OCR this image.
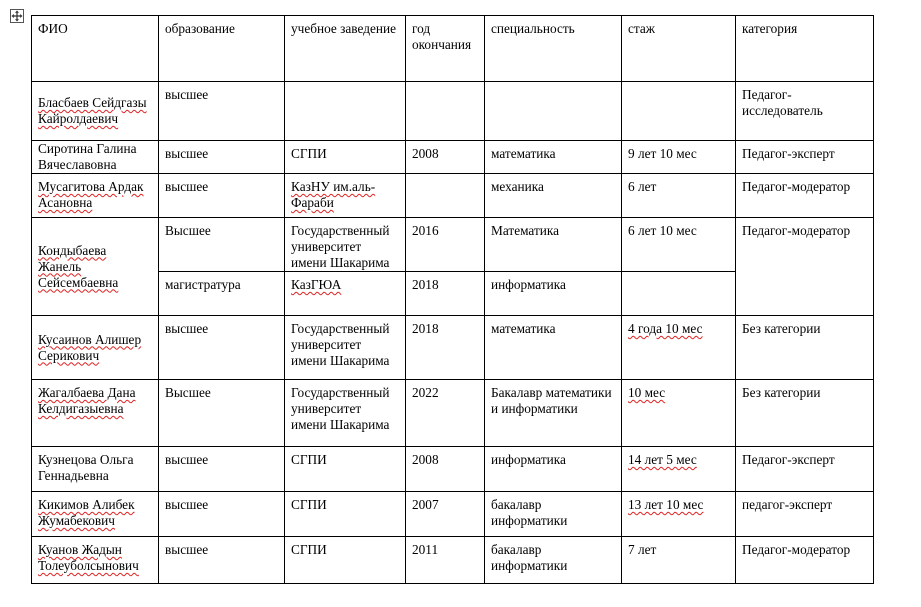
ФИО	образование	учебное заведение	год окончания	специальность	стаж	категория
Бласбаев Сейдгазы Кайролдаевич	высшее					Педагог-исследователь
Сиротина Галина Вячеславовна	высшее	СГПИ	2008	математика	9 лет 10 мес	Педагог-эксперт
Мусагитова Ардак Асановна	высшее	КазНУ им.аль-Фараби		механика	6 лет	Педагог-модератор
Кондыбаева Жанель Сейсембаевна	Высшее	Государственный университет имени Шакарима	2016	Математика	6 лет 10 мес	Педагог-модератор
	магистратура	КазГЮА	2018	информатика		
Кусаинов Алишер Серикович	высшее	Государственный университет имени Шакарима	2018	математика	4 года 10 мес	Без категории
Жагалбаева Дана Келдигазыевна	Высшее	Государственный университет имени Шакарима	2022	Бакалавр математики и информатики	10 мес	Без категории
Кузнецова Ольга Геннадьевна	высшее	СГПИ	2008	информатика	14 лет 5 мес	Педагог-эксперт
Кикимов Алибек Жумабекович	высшее	СГПИ	2007	бакалавр информатики	13 лет 10 мес	педагог-эксперт
Куанов Жадын Толеуболсынович	высшее	СГПИ	2011	бакалавр информатики	7 лет	Педагог-модератор
